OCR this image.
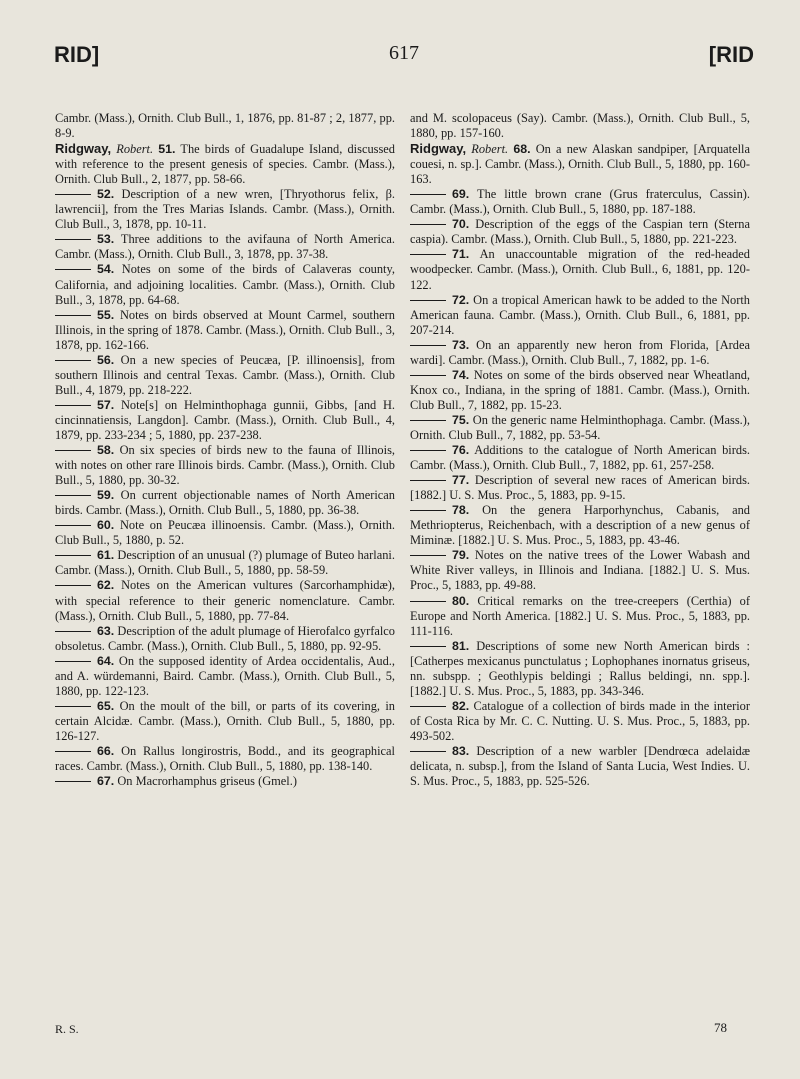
617
RID]	[RID

Cambr. (Mass.), Ornith. Club Bull., 1, 1876, pp. 81-87 ; 2, 1877, pp. 8-9.

Ridgway, Robert. 51. The birds of Guadalupe Island, discussed with reference to the present genesis of species. Cambr. (Mass.), Ornith. Club Bull., 2, 1877, pp. 58-66.

52. Description of a new wren, [Thryothorus felix, β. lawrencii], from the Tres Marias Islands. Cambr. (Mass.), Ornith. Club Bull., 3, 1878, pp. 10-11.

53. Three additions to the avifauna of North America. Cambr. (Mass.), Ornith. Club Bull., 3, 1878, pp. 37-38.

54. Notes on some of the birds of Calaveras county, California, and adjoining localities. Cambr. (Mass.), Ornith. Club Bull., 3, 1878, pp. 64-68.

55. Notes on birds observed at Mount Carmel, southern Illinois, in the spring of 1878. Cambr. (Mass.), Ornith. Club Bull., 3, 1878, pp. 162-166.

56. On a new species of Peucæa, [P. illinoensis], from southern Illinois and central Texas. Cambr. (Mass.), Ornith. Club Bull., 4, 1879, pp. 218-222.

57. Note[s] on Helminthophaga gunnii, Gibbs, [and H. cincinnatiensis, Langdon]. Cambr. (Mass.), Ornith. Club Bull., 4, 1879, pp. 233-234 ; 5, 1880, pp. 237-238.

58. On six species of birds new to the fauna of Illinois, with notes on other rare Illinois birds. Cambr. (Mass.), Ornith. Club Bull., 5, 1880, pp. 30-32.

59. On current objectionable names of North American birds. Cambr. (Mass.), Ornith. Club Bull., 5, 1880, pp. 36-38.

60. Note on Peucæa illinoensis. Cambr. (Mass.), Ornith. Club Bull., 5, 1880, p. 52.

61. Description of an unusual (?) plumage of Buteo harlani. Cambr. (Mass.), Ornith. Club Bull., 5, 1880, pp. 58-59.

62. Notes on the American vultures (Sarcorhamphidæ), with special reference to their generic nomenclature. Cambr. (Mass.), Ornith. Club Bull., 5, 1880, pp. 77-84.

63. Description of the adult plumage of Hierofalco gyrfalco obsoletus. Cambr. (Mass.), Ornith. Club Bull., 5, 1880, pp. 92-95.

64. On the supposed identity of Ardea occidentalis, Aud., and A. würdemanni, Baird. Cambr. (Mass.), Ornith. Club Bull., 5, 1880, pp. 122-123.

65. On the moult of the bill, or parts of its covering, in certain Alcidæ. Cambr. (Mass.), Ornith. Club Bull., 5, 1880, pp. 126-127.

66. On Rallus longirostris, Bodd., and its geographical races. Cambr. (Mass.), Ornith. Club Bull., 5, 1880, pp. 138-140.

67. On Macrorhamphus griseus (Gmel.)

and M. scolopaceus (Say). Cambr. (Mass.), Ornith. Club Bull., 5, 1880, pp. 157-160.

Ridgway, Robert. 68. On a new Alaskan sandpiper, [Arquatella couesi, n. sp.]. Cambr. (Mass.), Ornith. Club Bull., 5, 1880, pp. 160-163.

69. The little brown crane (Grus fraterculus, Cassin). Cambr. (Mass.), Ornith. Club Bull., 5, 1880, pp. 187-188.

70. Description of the eggs of the Caspian tern (Sterna caspia). Cambr. (Mass.), Ornith. Club Bull., 5, 1880, pp. 221-223.

71. An unaccountable migration of the red-headed woodpecker. Cambr. (Mass.), Ornith. Club Bull., 6, 1881, pp. 120-122.

72. On a tropical American hawk to be added to the North American fauna. Cambr. (Mass.), Ornith. Club Bull., 6, 1881, pp. 207-214.

73. On an apparently new heron from Florida, [Ardea wardi]. Cambr. (Mass.), Ornith. Club Bull., 7, 1882, pp. 1-6.

74. Notes on some of the birds observed near Wheatland, Knox co., Indiana, in the spring of 1881. Cambr. (Mass.), Ornith. Club Bull., 7, 1882, pp. 15-23.

75. On the generic name Helminthophaga. Cambr. (Mass.), Ornith. Club Bull., 7, 1882, pp. 53-54.

76. Additions to the catalogue of North American birds. Cambr. (Mass.), Ornith. Club Bull., 7, 1882, pp. 61, 257-258.

77. Description of several new races of American birds. [1882.] U. S. Mus. Proc., 5, 1883, pp. 9-15.

78. On the genera Harporhynchus, Cabanis, and Methriopterus, Reichenbach, with a description of a new genus of Miminæ. [1882.] U. S. Mus. Proc., 5, 1883, pp. 43-46.

79. Notes on the native trees of the Lower Wabash and White River valleys, in Illinois and Indiana. [1882.] U. S. Mus. Proc., 5, 1883, pp. 49-88.

80. Critical remarks on the tree-creepers (Certhia) of Europe and North America. [1882.] U. S. Mus. Proc., 5, 1883, pp. 111-116.

81. Descriptions of some new North American birds : [Catherpes mexicanus punctulatus ; Lophophanes inornatus griseus, nn. subspp. ; Geothlypis beldingi ; Rallus beldingi, nn. spp.]. [1882.] U. S. Mus. Proc., 5, 1883, pp. 343-346.

82. Catalogue of a collection of birds made in the interior of Costa Rica by Mr. C. C. Nutting. U. S. Mus. Proc., 5, 1883, pp. 493-502.

83. Description of a new warbler [Dendrœca adelaidæ delicata, n. subsp.], from the Island of Santa Lucia, West Indies. U. S. Mus. Proc., 5, 1883, pp. 525-526.

R. S.	78
